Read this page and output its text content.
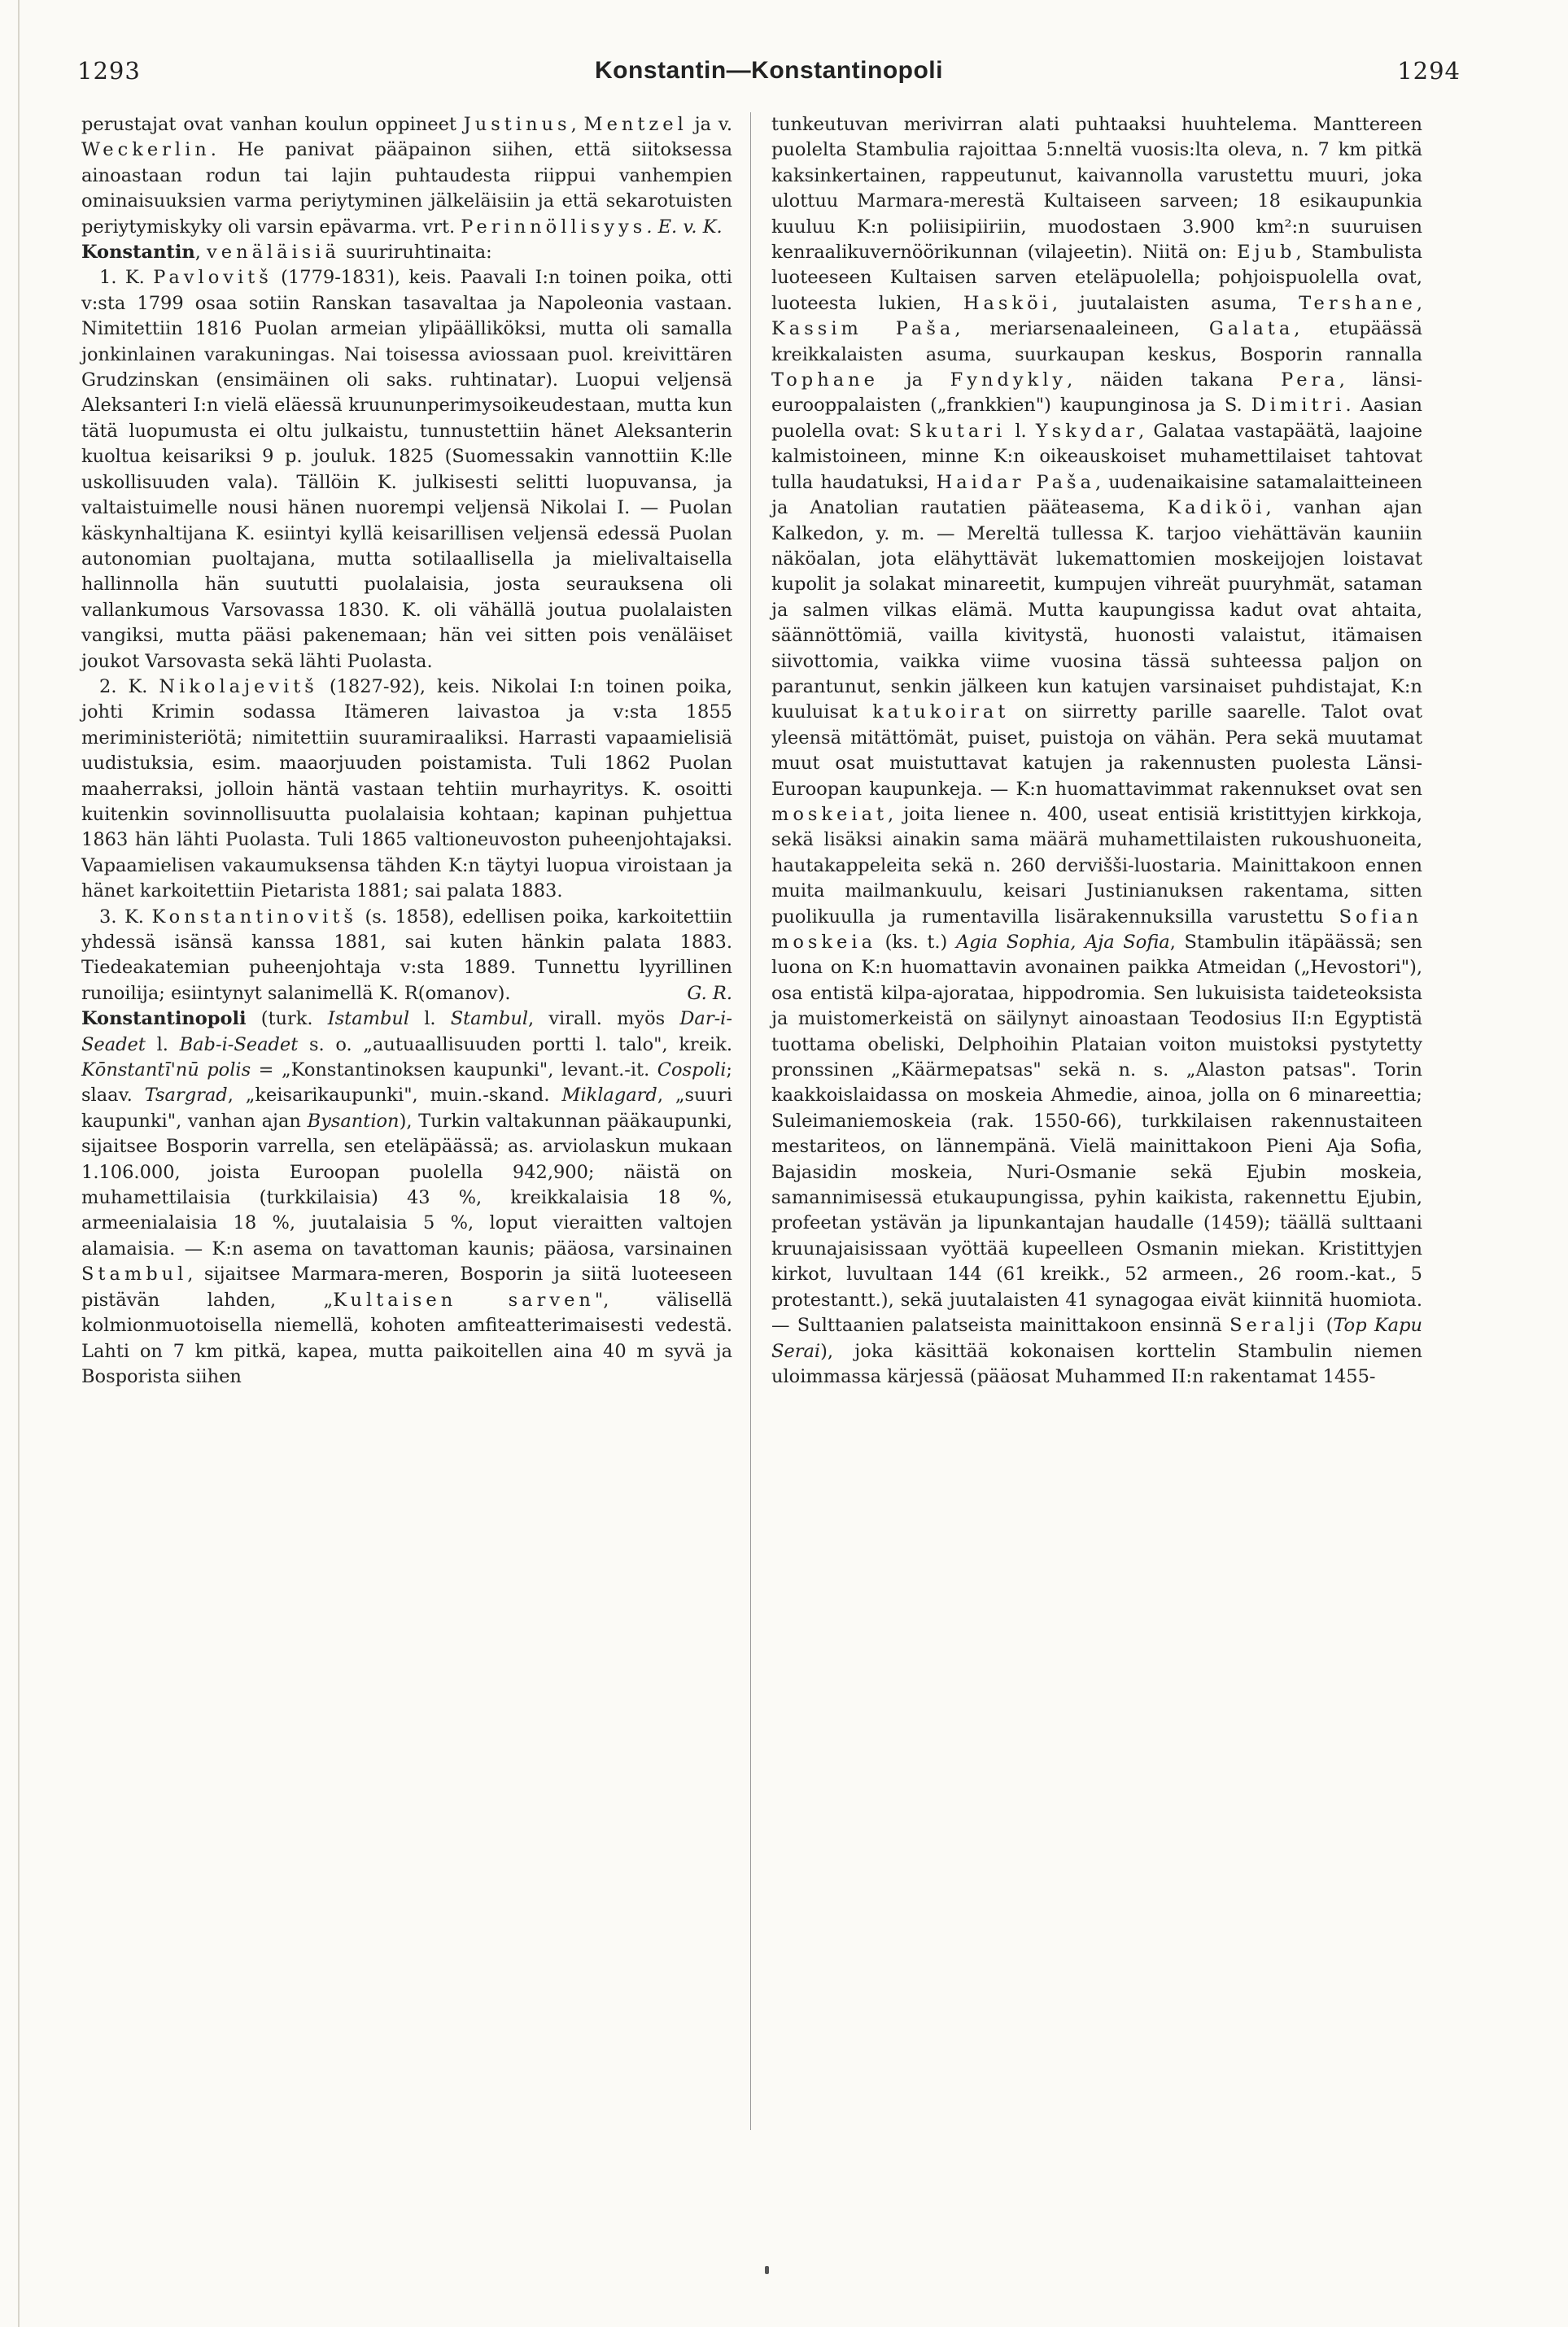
1293	Konstantin—Konstantinopoli	1294

perustajat ovat vanhan koulun oppineet Justinus, Mentzel ja v. Weckerlin. He panivat pääpainon siihen, että siitoksessa ainoastaan rodun tai lajin puhtaudesta riippui vanhempien ominaisuuksien varma periytyminen jälkeläisiin ja että sekarotuisten periytymiskyky oli varsin epävarma. vrt. Perinnöllisyys. E. v. K.

Konstantin, venäläisiä suuriruhtinaita:

1. K. Pavlovitš (1779-1831), keis. Paavali I:n toinen poika, otti v:sta 1799 osaa sotiin Ranskan tasavaltaa ja Napoleonia vastaan. Nimitettiin 1816 Puolan armeian ylipäälliköksi, mutta oli samalla jonkinlainen varakuningas. Nai toisessa aviossaan puol. kreivittären Grudzinskan (ensimäinen oli saks. ruhtinatar). Luopui veljensä Aleksanteri I:n vielä eläessä kruununperimysoikeudestaan, mutta kun tätä luopumusta ei oltu julkaistu, tunnustettiin hänet Aleksanterin kuoltua keisariksi 9 p. jouluk. 1825 (Suomessakin vannottiin K:lle uskollisuuden vala). Tällöin K. julkisesti selitti luopuvansa, ja valtaistuimelle nousi hänen nuorempi veljensä Nikolai I. — Puolan käskynhaltijana K. esiintyi kyllä keisarillisen veljensä edessä Puolan autonomian puoltajana, mutta sotilaallisella ja mielivaltaisella hallinnolla hän suututti puolalaisia, josta seurauksena oli vallankumous Varsovassa 1830. K. oli vähällä joutua puolalaisten vangiksi, mutta pääsi pakenemaan; hän vei sitten pois venäläiset joukot Varsovasta sekä lähti Puolasta.

2. K. Nikolajevitš (1827-92), keis. Nikolai I:n toinen poika, johti Krimin sodassa Itämeren laivastoa ja v:sta 1855 meriministeriötä; nimitettiin suuramiraaliksi. Harrasti vapaamielisiä uudistuksia, esim. maaorjuuden poistamista. Tuli 1862 Puolan maaherraksi, jolloin häntä vastaan tehtiin murhayritys. K. osoitti kuitenkin sovinnollisuutta puolalaisia kohtaan; kapinan puhjettua 1863 hän lähti Puolasta. Tuli 1865 valtioneuvoston puheenjohtajaksi. Vapaamielisen vakaumuksensa tähden K:n täytyi luopua viroistaan ja hänet karkoitettiin Pietarista 1881; sai palata 1883.

3. K. Konstantinovitš (s. 1858), edellisen poika, karkoitettiin yhdessä isänsä kanssa 1881, sai kuten hänkin palata 1883. Tiedeakatemian puheenjohtaja v:sta 1889. Tunnettu lyyrillinen runoilija; esiintynyt salanimellä K. R(omanov).	G. R.

Konstantinopoli (turk. Istambul l. Stambul, virall. myös Dar-i-Seadet l. Bab-i-Seadet s. o. „autuaallisuuden portti l. talo", kreik. Kōnstantī'nū polis = „Konstantinoksen kaupunki", levant.-it. Cospoli; slaav. Tsargrad, „keisarikaupunki", muin.-skand. Miklagard, „suuri kaupunki", vanhan ajan Bysantion), Turkin valtakunnan pääkaupunki, sijaitsee Bosporin varrella, sen eteläpäässä; as. arviolaskun mukaan 1.106.000, joista Euroopan puolella 942,900; näistä on muhamettilaisia (turkkilaisia) 43 %, kreikkalaisia 18 %, armeenialaisia 18 %, juutalaisia 5 %, loput vieraitten valtojen alamaisia. — K:n asema on tavattoman kaunis; pääosa, varsinainen Stambul, sijaitsee Marmara-meren, Bosporin ja siitä luoteeseen pistävän lahden, „Kultaisen sarven", välisellä kolmionmuotoisella niemellä, kohoten amfiteatterimaisesti vedestä. Lahti on 7 km pitkä, kapea, mutta paikoitellen aina 40 m syvä ja Bosporista siihen

tunkeutuvan merivirran alati puhtaaksi huuhtelema. Manttereen puolelta Stambulia rajoittaa 5:nneltä vuosis:lta oleva, n. 7 km pitkä kaksinkertainen, rappeutunut, kaivannolla varustettu muuri, joka ulottuu Marmara-merestä Kultaiseen sarveen; 18 esikaupunkia kuuluu K:n poliisipiiriin, muodostaen 3.900 km²:n suuruisen kenraalikuvernöörikunnan (vilajeetin). Niitä on: Ejub, Stambulista luoteeseen Kultaisen sarven eteläpuolella; pohjoispuolella ovat, luoteesta lukien, Hasköi, juutalaisten asuma, Tershane, Kassim Paša, meriarsenaaleineen, Galata, etupäässä kreikkalaisten asuma, suurkaupan keskus, Bosporin rannalla Tophane ja Fyndykly, näiden takana Pera, länsi-eurooppalaisten („frankkien") kaupunginosa ja S. Dimitri. Aasian puolella ovat: Skutari l. Yskydar, Galataa vastapäätä, laajoine kalmistoineen, minne K:n oikeauskoiset muhamettilaiset tahtovat tulla haudatuksi, Haidar Paša, uudenaikaisine satamalaitteineen ja Anatolian rautatien pääteasema, Kadiköi, vanhan ajan Kalkedon, y. m. — Mereltä tullessa K. tarjoo viehättävän kauniin näköalan, jota elähyttävät lukemattomien moskeijojen loistavat kupolit ja solakat minareetit, kumpujen vihreät puuryhmät, sataman ja salmen vilkas elämä. Mutta kaupungissa kadut ovat ahtaita, säännöttömiä, vailla kivitystä, huonosti valaistut, itämaisen siivottomia, vaikka viime vuosina tässä suhteessa paljon on parantunut, senkin jälkeen kun katujen varsinaiset puhdistajat, K:n kuuluisat katukoirat on siirretty parille saarelle. Talot ovat yleensä mitättömät, puiset, puistoja on vähän. Pera sekä muutamat muut osat muistuttavat katujen ja rakennusten puolesta Länsi-Euroopan kaupunkeja. — K:n huomattavimmat rakennukset ovat sen moskeiat, joita lienee n. 400, useat entisiä kristittyjen kirkkoja, sekä lisäksi ainakin sama määrä muhamettilaisten rukoushuoneita, hautakappeleita sekä n. 260 dervišši-luostaria. Mainittakoon ennen muita mailmankuulu, keisari Justinianuksen rakentama, sitten puolikuulla ja rumentavilla lisärakennuksilla varustettu Sofian moskeia (ks. t.) Agia Sophia, Aja Sofia, Stambulin itäpäässä; sen luona on K:n huomattavin avonainen paikka Atmeidan („Hevostori"), osa entistä kilpa-ajorataa, hippodromia. Sen lukuisista taideteoksista ja muistomerkeistä on säilynyt ainoastaan Teodosius II:n Egyptistä tuottama obeliski, Delphoihin Plataian voiton muistoksi pystytetty pronssinen „Käärmepatsas" sekä n. s. „Alaston patsas". Torin kaakkoislaidassa on moskeia Ahmedie, ainoa, jolla on 6 minareettia; Suleimaniemoskeia (rak. 1550-66), turkkilaisen rakennustaiteen mestariteos, on lännempänä. Vielä mainittakoon Pieni Aja Sofia, Bajasidin moskeia, Nuri-Osmanie sekä Ejubin moskeia, samannimisessä etukaupungissa, pyhin kaikista, rakennettu Ejubin, profeetan ystävän ja lipunkantajan haudalle (1459); täällä sulttaani kruunajaisissaan vyöttää kupeelleen Osmanin miekan. Kristittyjen kirkot, luvultaan 144 (61 kreikk., 52 armeen., 26 room.-kat., 5 protestantt.), sekä juutalaisten 41 synagogaa eivät kiinnitä huomiota. — Sulttaanien palatseista mainittakoon ensinnä Seralji (Top Kapu Serai), joka käsittää kokonaisen korttelin Stambulin niemen uloimmassa kärjessä (pääosat Muhammed II:n rakentamat 1455-
